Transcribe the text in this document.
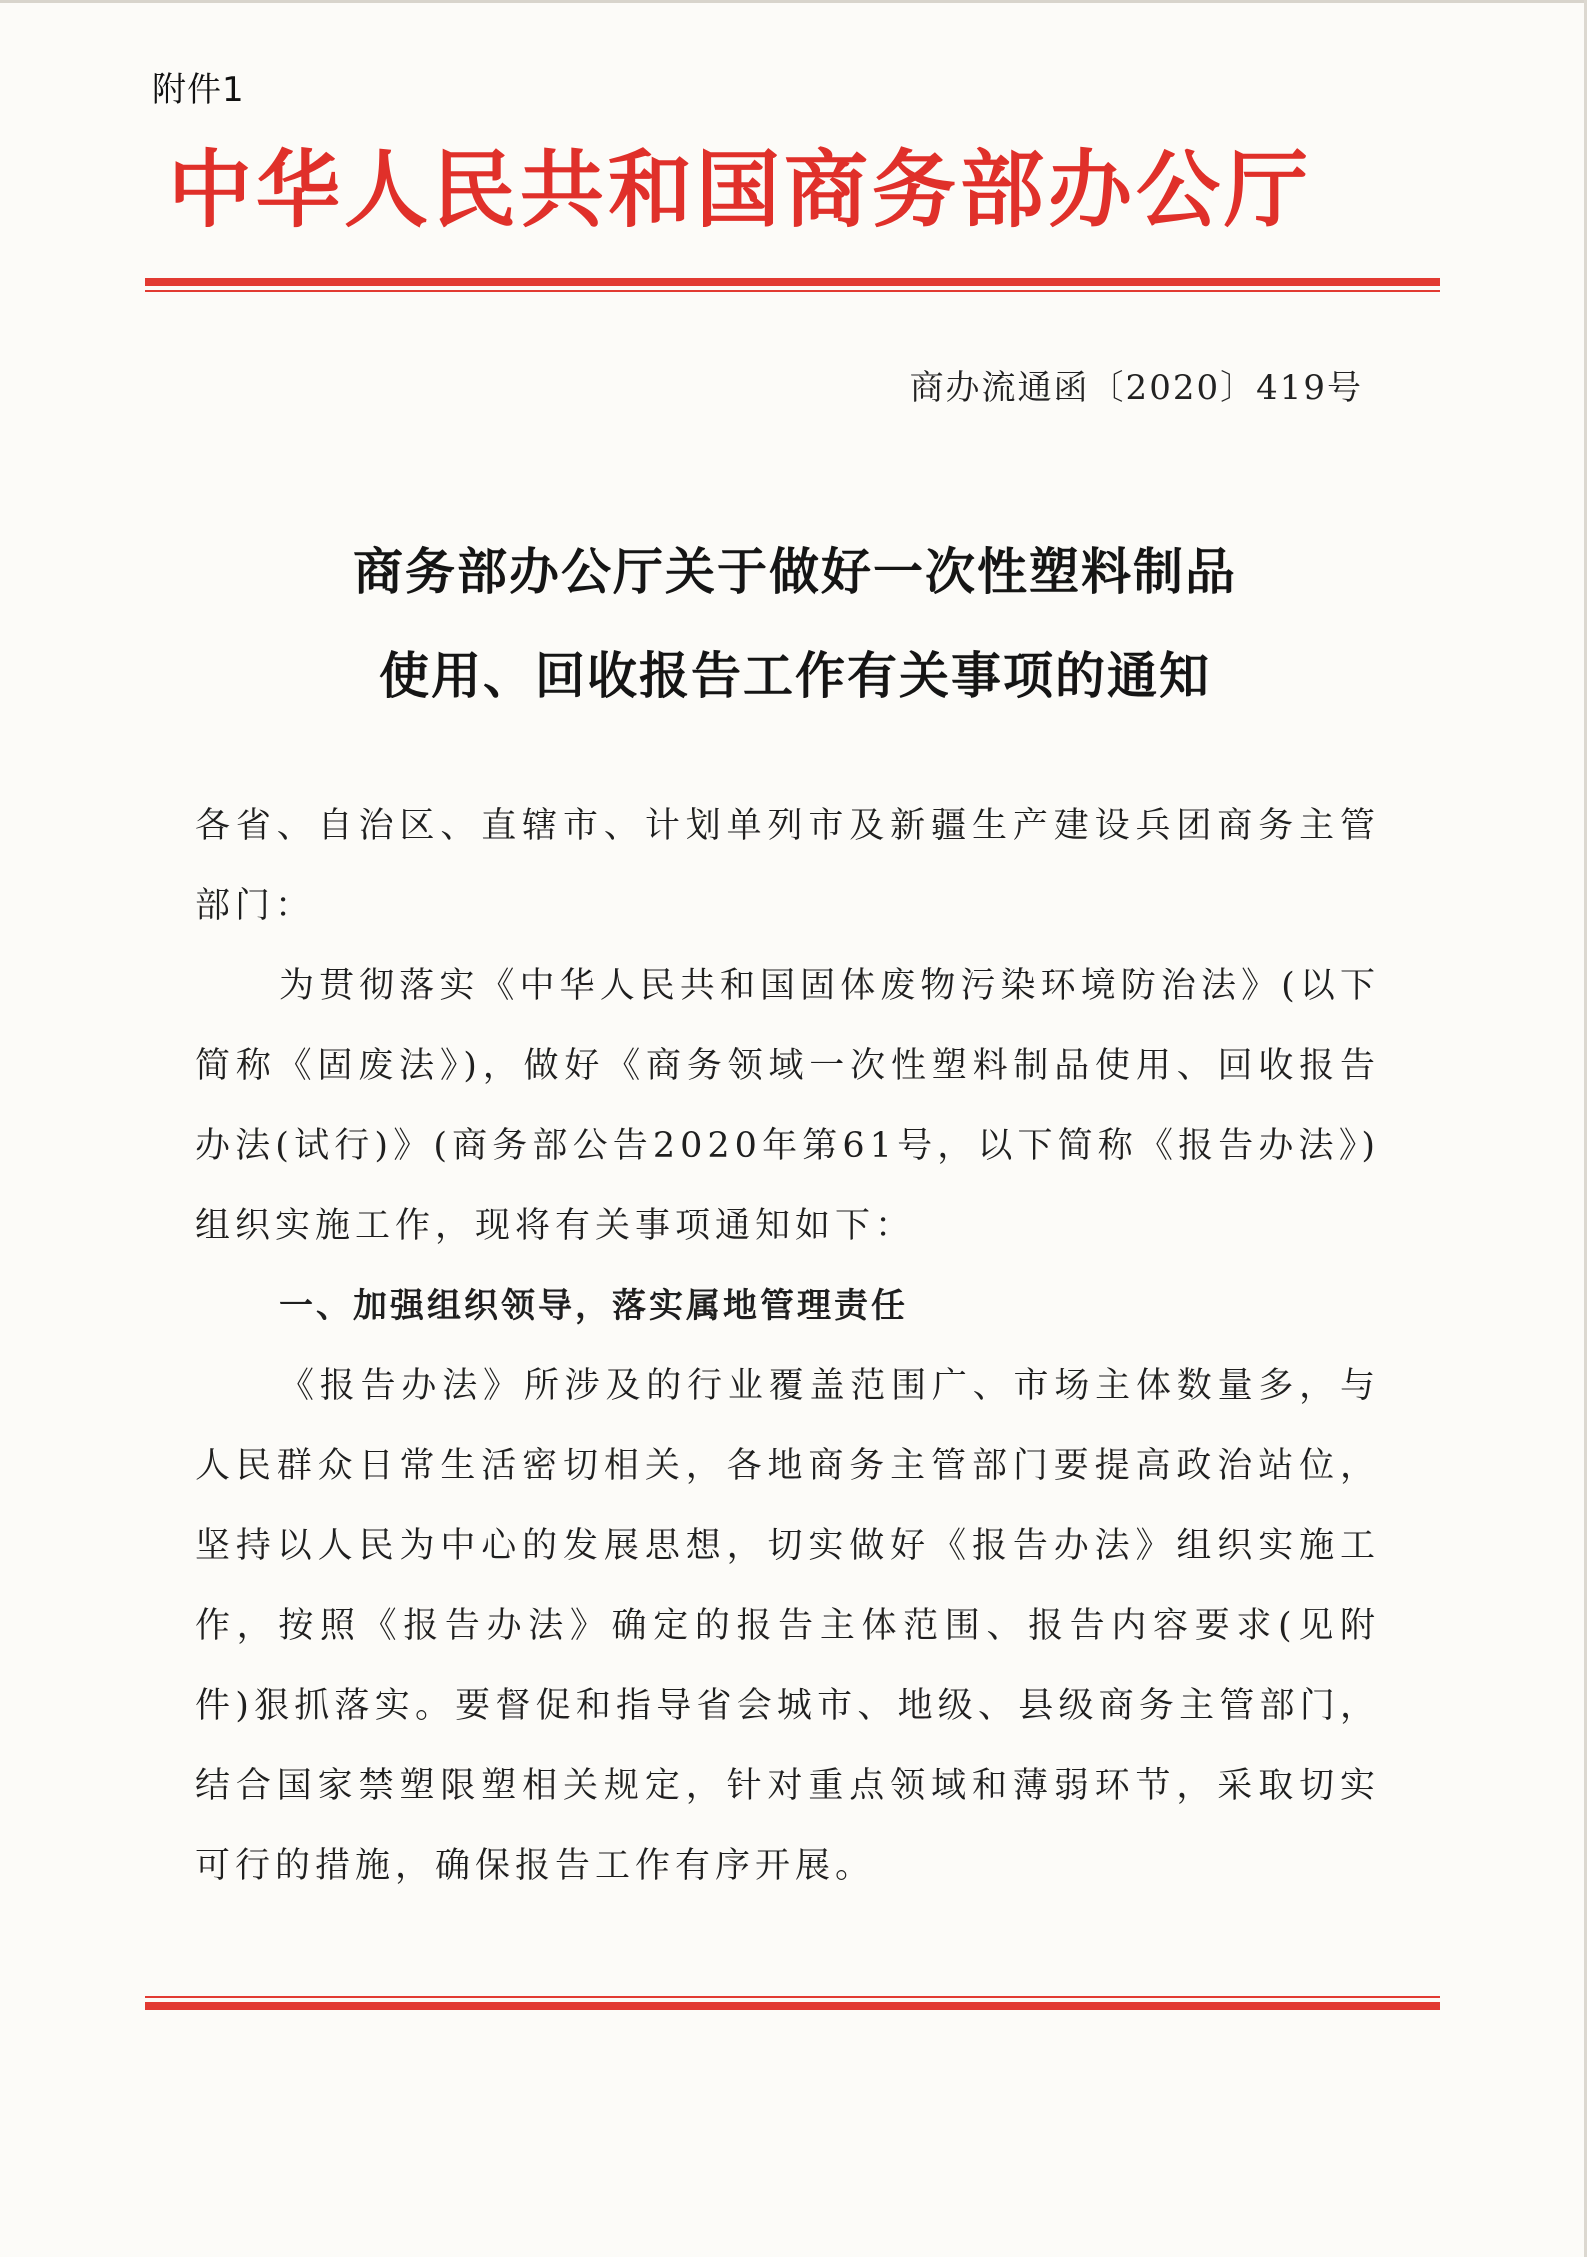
附件1
中华人民共和国商务部办公厅
商办流通函〔2020〕419号
商务部办公厅关于做好一次性塑料制品
使用、回收报告工作有关事项的通知

各省、自治区、直辖市、计划单列市及新疆生产建设兵团商务主管部门：

为贯彻落实《中华人民共和国固体废物污染环境防治法》(以下简称《固废法》)，做好《商务领域一次性塑料制品使用、回收报告办法(试行)》(商务部公告2020年第61号，以下简称《报告办法》)组织实施工作，现将有关事项通知如下：

一、加强组织领导，落实属地管理责任

《报告办法》所涉及的行业覆盖范围广、市场主体数量多，与人民群众日常生活密切相关，各地商务主管部门要提高政治站位，坚持以人民为中心的发展思想，切实做好《报告办法》组织实施工作，按照《报告办法》确定的报告主体范围、报告内容要求(见附件)狠抓落实。要督促和指导省会城市、地级、县级商务主管部门，结合国家禁塑限塑相关规定，针对重点领域和薄弱环节，采取切实可行的措施，确保报告工作有序开展。
